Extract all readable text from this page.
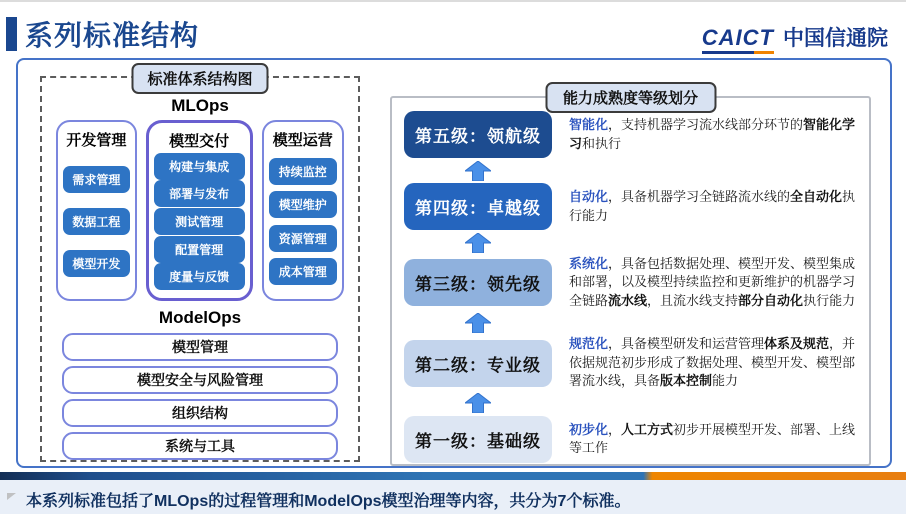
系列标准结构	CAICT 中国信通院
标准体系结构图
MLOps
开发管理
需求管理
数据工程
模型开发
模型交付
构建与集成
部署与发布
测试管理
配置管理
度量与反馈
模型运营
持续监控
模型维护
资源管理
成本管理
ModelOps
模型管理
模型安全与风险管理
组织结构
系统与工具
能力成熟度等级划分
第五级：领航级
智能化，支持机器学习流水线部分环节的智能化学习和执行
第四级：卓越级
自动化，具备机器学习全链路流水线的全自动化执行能力
第三级：领先级
系统化，具备包括数据处理、模型开发、模型集成和部署，以及模型持续监控和更新维护的机器学习全链路流水线，且流水线支持部分自动化执行能力
第二级：专业级
规范化，具备模型研发和运营管理体系及规范，并依据规范初步形成了数据处理、模型开发、模型部署流水线，具备版本控制能力
第一级：基础级
初步化，人工方式初步开展模型开发、部署、上线等工作
本系列标准包括了MLOps的过程管理和ModelOps模型治理等内容，共分为7个标准。
